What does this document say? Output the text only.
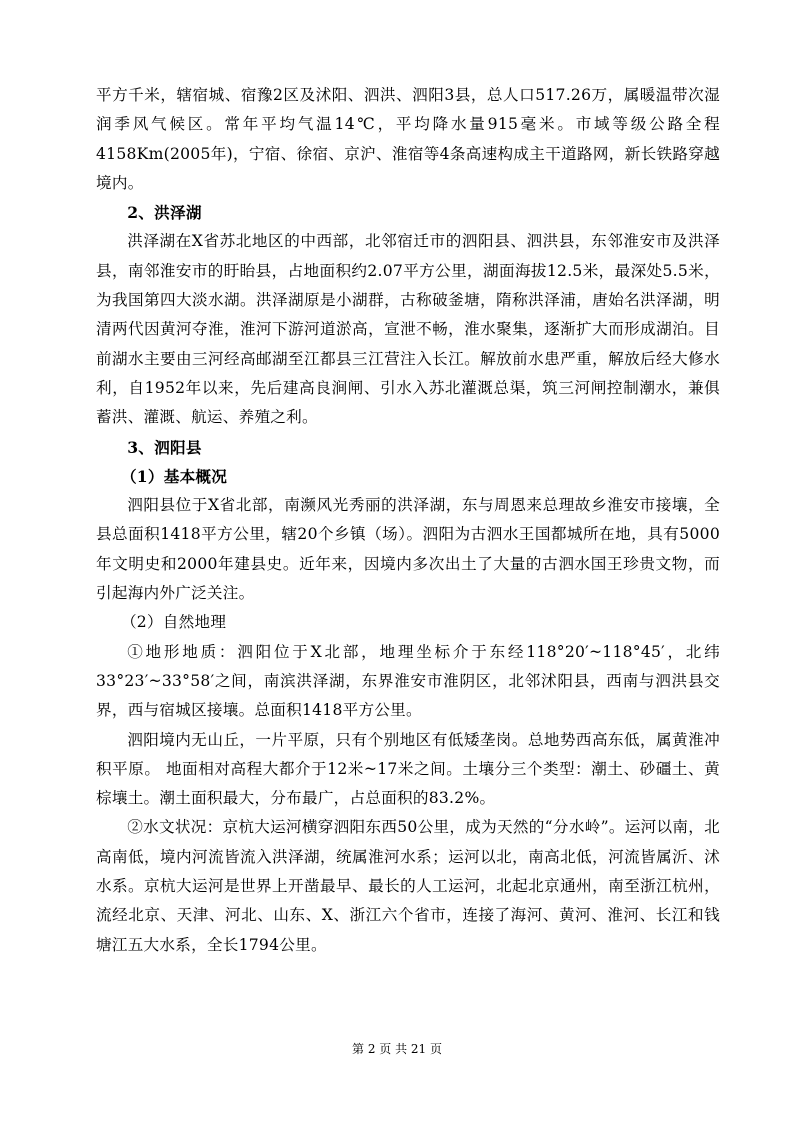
平方千米，辖宿城、宿豫2区及沭阳、泗洪、泗阳3县，总人口517.26万，属暖温带次湿润季风气候区。常年平均气温14℃，平均降水量915毫米。市域等级公路全程4158Km(2005年)，宁宿、徐宿、京沪、淮宿等4条高速构成主干道路网，新长铁路穿越境内。

2、洪泽湖

洪泽湖在X省苏北地区的中西部，北邻宿迁市的泗阳县、泗洪县，东邻淮安市及洪泽县，南邻淮安市的盱眙县，占地面积约2.07平方公里，湖面海拔12.5米，最深处5.5米，为我国第四大淡水湖。洪泽湖原是小湖群，古称破釜塘，隋称洪泽浦，唐始名洪泽湖，明清两代因黄河夺淮，淮河下游河道淤高，宣泄不畅，淮水聚集，逐渐扩大而形成湖泊。目前湖水主要由三河经高邮湖至江都县三江营注入长江。解放前水患严重，解放后经大修水利，自1952年以来，先后建高良涧闸、引水入苏北灌溉总渠，筑三河闸控制潮水，兼俱蓄洪、灌溉、航运、养殖之利。

3、泗阳县
（1）基本概况

泗阳县位于X省北部，南濒风光秀丽的洪泽湖，东与周恩来总理故乡淮安市接壤，全县总面积1418平方公里，辖20个乡镇（场）。泗阳为古泗水王国都城所在地，具有5000年文明史和2000年建县史。近年来，因境内多次出土了大量的古泗水国王珍贵文物，而引起海内外广泛关注。

（2）自然地理

①地形地质：泗阳位于X北部，地理坐标介于东经118°20′~118°45′，北纬33°23′~33°58′之间，南滨洪泽湖，东界淮安市淮阴区，北邻沭阳县，西南与泗洪县交界，西与宿城区接壤。总面积1418平方公里。

泗阳境内无山丘，一片平原，只有个别地区有低矮垄岗。总地势西高东低，属黄淮冲积平原。 地面相对高程大都介于12米~17米之间。土壤分三个类型：潮土、砂礓土、黄棕壤土。潮土面积最大，分布最广，占总面积的83.2%。

②水文状况：京杭大运河横穿泗阳东西50公里，成为天然的“分水岭”。运河以南，北高南低，境内河流皆流入洪泽湖，统属淮河水系；运河以北，南高北低，河流皆属沂、沭水系。京杭大运河是世界上开凿最早、最长的人工运河，北起北京通州，南至浙江杭州，流经北京、天津、河北、山东、X、浙江六个省市，连接了海河、黄河、淮河、长江和钱塘江五大水系，全长1794公里。

第 2 页 共 21 页
